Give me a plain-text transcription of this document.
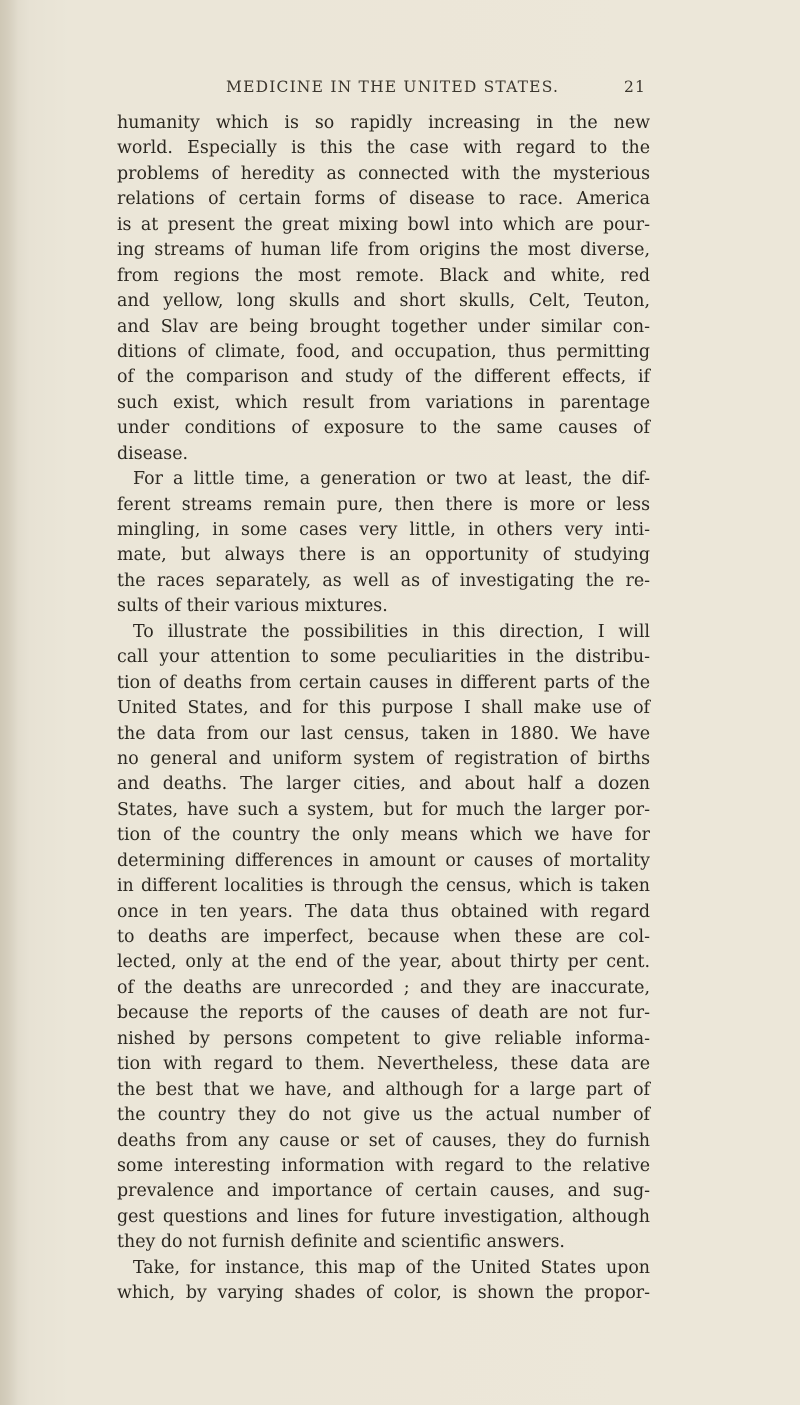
MEDICINE IN THE UNITED STATES.	21
humanity which is so rapidly increasing in the new
world. Especially is this the case with regard to the
problems of heredity as connected with the mysterious
relations of certain forms of disease to race. America
is at present the great mixing bowl into which are pour-
ing streams of human life from origins the most diverse,
from regions the most remote. Black and white, red
and yellow, long skulls and short skulls, Celt, Teuton,
and Slav are being brought together under similar con-
ditions of climate, food, and occupation, thus permitting
of the comparison and study of the different effects, if
such exist, which result from variations in parentage
under conditions of exposure to the same causes of
disease.
For a little time, a generation or two at least, the dif-
ferent streams remain pure, then there is more or less
mingling, in some cases very little, in others very inti-
mate, but always there is an opportunity of studying
the races separately, as well as of investigating the re-
sults of their various mixtures.
To illustrate the possibilities in this direction, I will
call your attention to some peculiarities in the distribu-
tion of deaths from certain causes in different parts of the
United States, and for this purpose I shall make use of
the data from our last census, taken in 1880. We have
no general and uniform system of registration of births
and deaths. The larger cities, and about half a dozen
States, have such a system, but for much the larger por-
tion of the country the only means which we have for
determining differences in amount or causes of mortality
in different localities is through the census, which is taken
once in ten years. The data thus obtained with regard
to deaths are imperfect, because when these are col-
lected, only at the end of the year, about thirty per cent.
of the deaths are unrecorded ; and they are inaccurate,
because the reports of the causes of death are not fur-
nished by persons competent to give reliable informa-
tion with regard to them. Nevertheless, these data are
the best that we have, and although for a large part of
the country they do not give us the actual number of
deaths from any cause or set of causes, they do furnish
some interesting information with regard to the relative
prevalence and importance of certain causes, and sug-
gest questions and lines for future investigation, although
they do not furnish definite and scientific answers.
Take, for instance, this map of the United States upon
which, by varying shades of color, is shown the propor-
